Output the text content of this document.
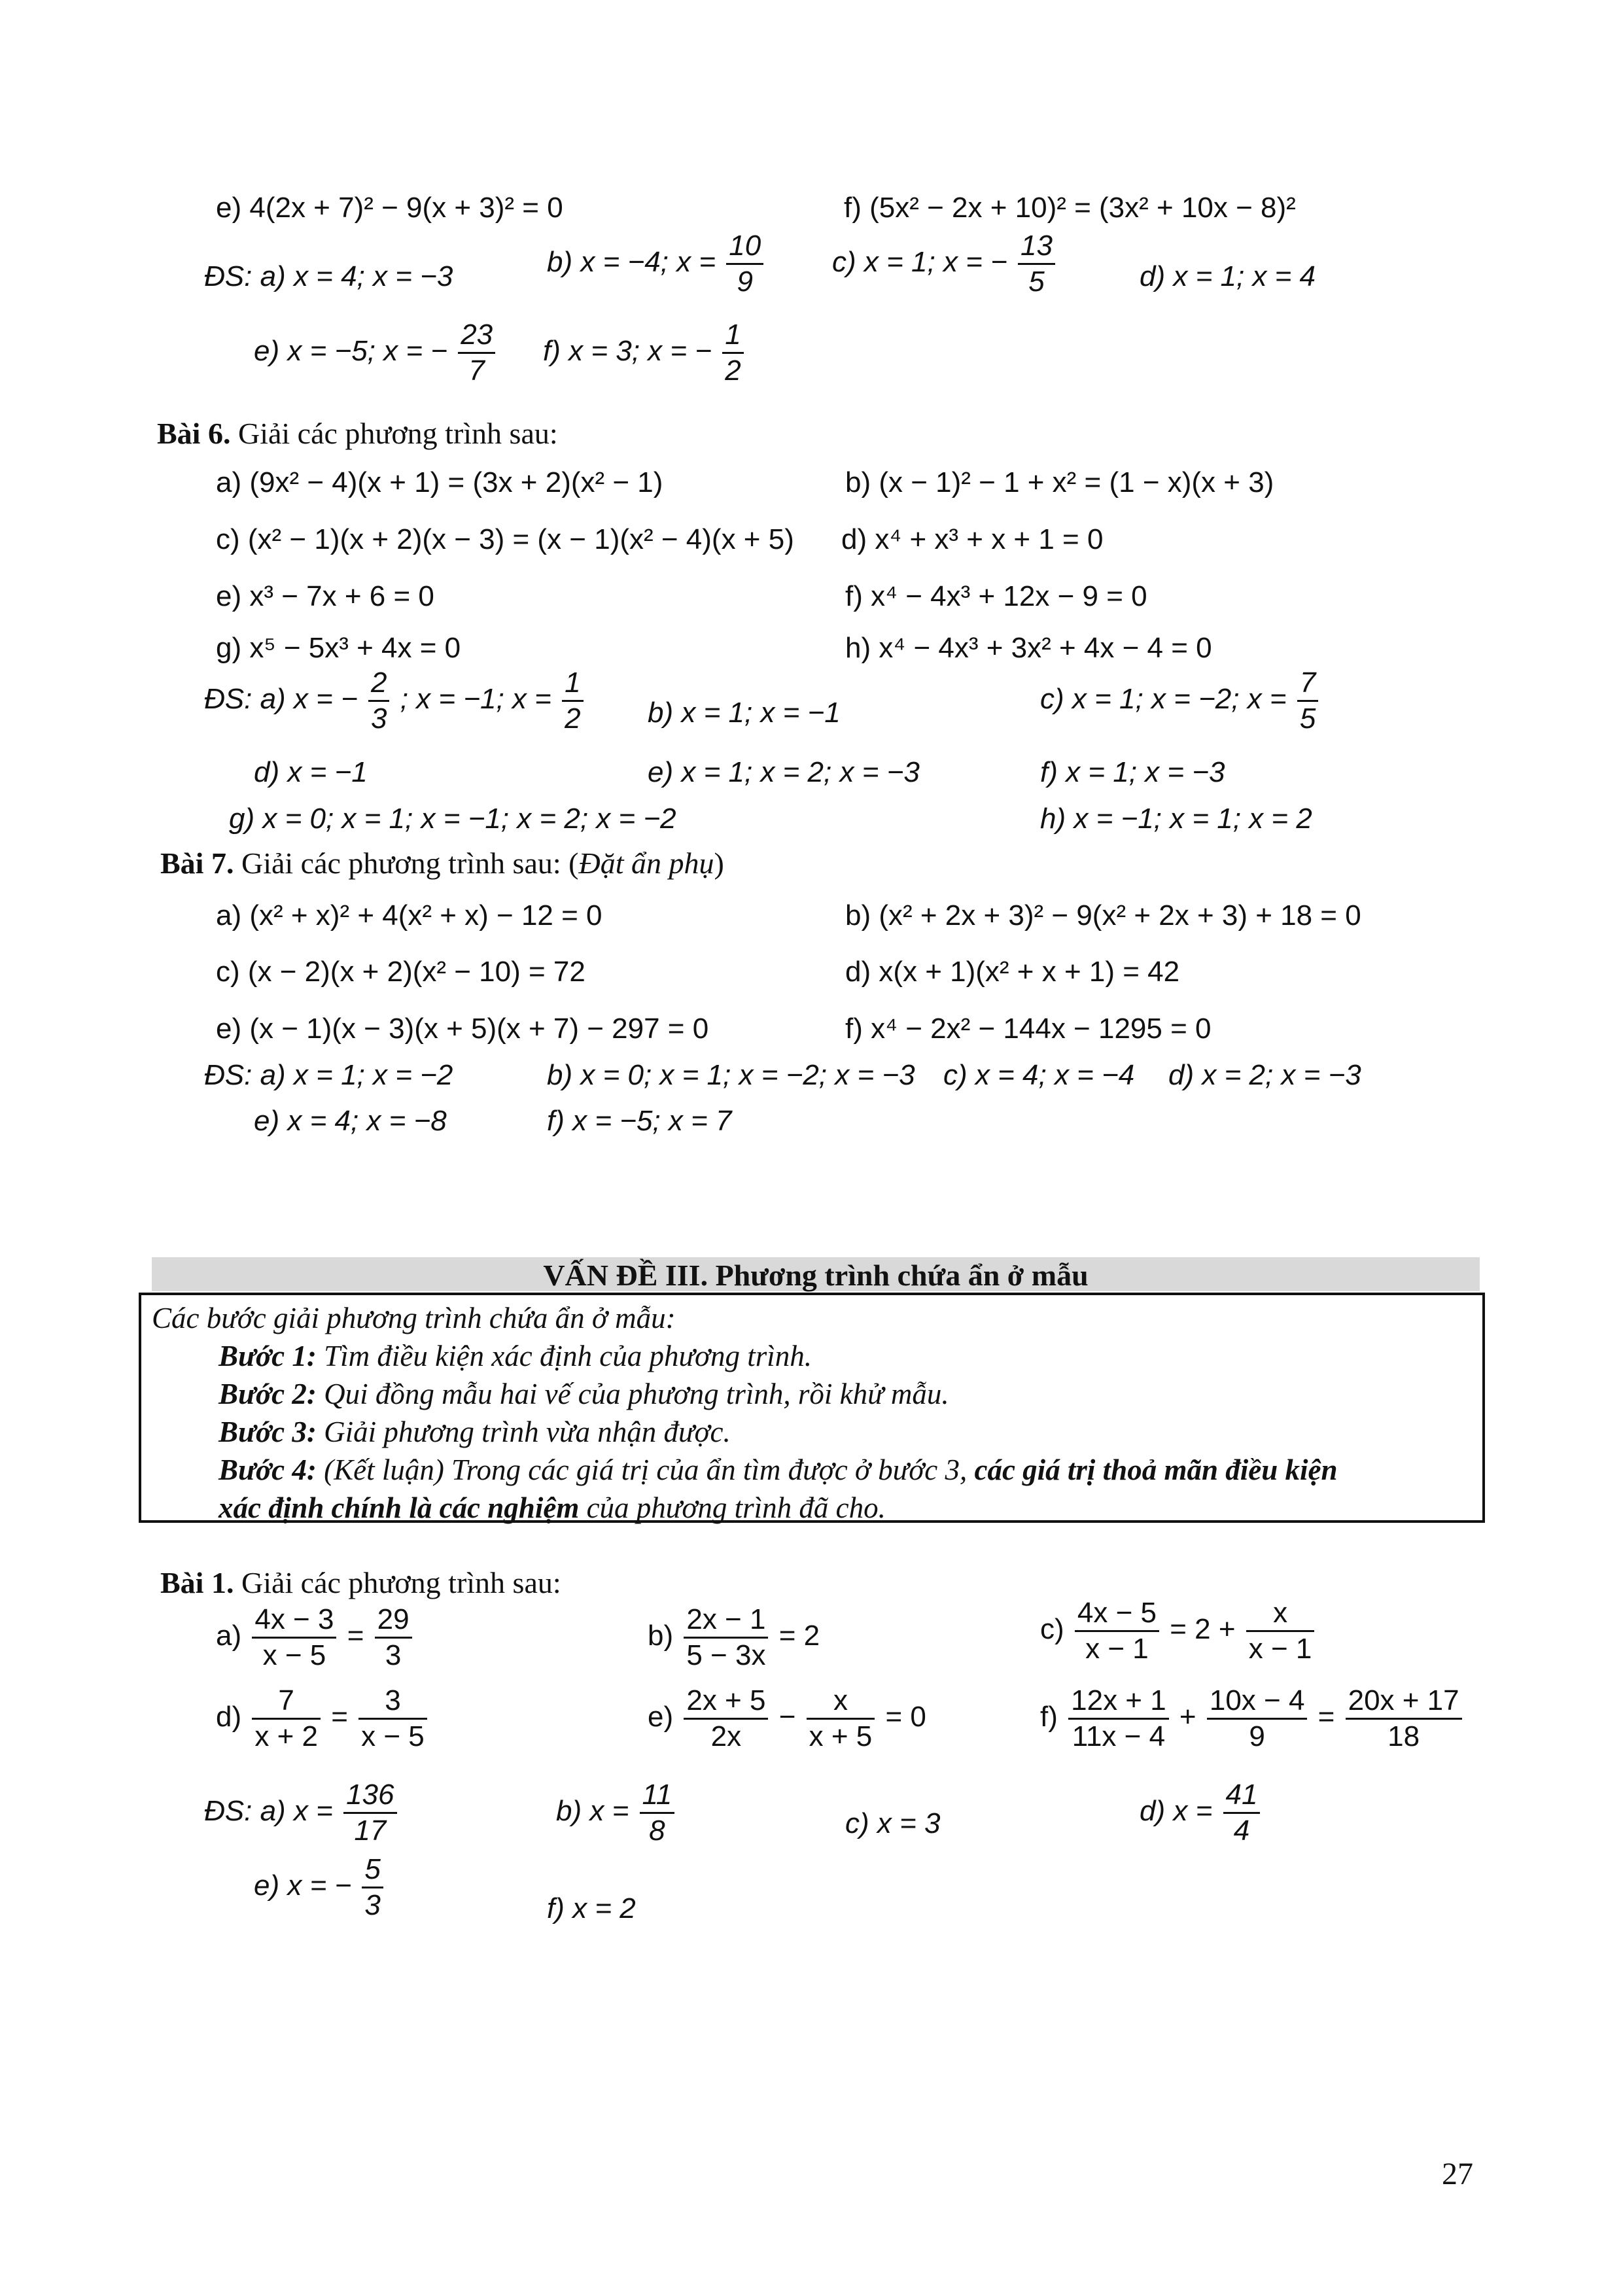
e) 4(2x + 7)² − 9(x + 3)² = 0	f) (5x² − 2x + 10)² = (3x² + 10x − 8)²
ĐS: a) x = 4; x = −3	b) x = −4; $x = \frac{10}{9} c$) x = 1; x = − $\frac{13}{5}$	d) x = 1; x = 4
e) x = −5; x = − $\frac{23}{7} f$) x = 3; x = − $\frac{1}{2}$
Bài 6. Giải các phương trình sau:
a) (9x² − 4)(x + 1) = (3x + 2)(x² − 1)	b) (x − 1)² − 1 + x² = (1 − x)(x + 3)
c) (x² − 1)(x + 2)(x − 3) = (x − 1)(x² − 4)(x + 5) d) x⁴ + x³ + x + 1 = 0
e) x³ − 7x + 6 = 0	f) x⁴ − 4x³ + 12x − 9 = 0
g) x⁵ − 5x³ + 4x = 0	h) x⁴ − 4x³ + 3x² + 4x − 4 = 0
ĐS: a) x = − $\frac{2}{3}$ ; x = −1; $x = \frac{1}{2} b$) x = 1; x = −1	c) x = 1; x = −2; $x = \frac{7}{5}$
d) x = −1	e) x = 1; x = 2; x = −3	f) x = 1; x = −3
g) x = 0; x = 1; x = −1; x = 2; x = −2	h) x = −1; x = 1; x = 2
Bài 7. Giải các phương trình sau: (Đặt ẩn phụ)
a) (x² + x)² + 4(x² + x) − 12 = 0	b) (x² + 2x + 3)² − 9(x² + 2x + 3) + 18 = 0
c) (x − 2)(x + 2)(x² − 10) = 72	d) x(x + 1)(x² + x + 1) = 42
e) (x − 1)(x − 3)(x + 5)(x + 7) − 297 = 0	f) x⁴ − 2x² − 144x − 1295 = 0
ĐS: a) x = 1; x = −2	b) x = 0; x = 1; x = −2; x = −3 c) x = 4; x = −4 d) x = 2; x = −3
e) x = 4; x = −8	f) x = −5; x = 7
VẤN ĐỀ III. Phương trình chứa ẩn ở mẫu
Các bước giải phương trình chứa ẩn ở mẫu:
Bước 1: Tìm điều kiện xác định của phương trình.
Bước 2: Qui đồng mẫu hai vế của phương trình, rồi khử mẫu.
Bước 3: Giải phương trình vừa nhận được.
Bước 4: (Kết luận) Trong các giá trị của ẩn tìm được ở bước 3, các giá trị thoả mãn điều kiện
xác định chính là các nghiệm của phương trình đã cho.
Bài 1. Giải các phương trình sau:
$a) \frac{4x - 3}{x - 5} = \frac{29}{3}$	$b) \frac{2x - 1}{5 - 3x} = 2$	$c) \frac{4x - 5}{x - 1} = 2 + \frac{x}{x - 1}$
$d) \frac{7}{x + 2} = \frac{3}{x - 5}$	$e) \frac{2x + 5}{2x} - \frac{x}{x + 5} = 0$	$f) \frac{12x + 1}{11x - 4} + \frac{10x - 4}{9} = \frac{20x + 17}{18}$
ĐS: a) $x = \frac{136}{17}$	b) $x = \frac{11}{8}$	c) x = 3	d) $x = \frac{41}{4}$
e) x = − $\frac{5}{3}$	f) x = 2
27
